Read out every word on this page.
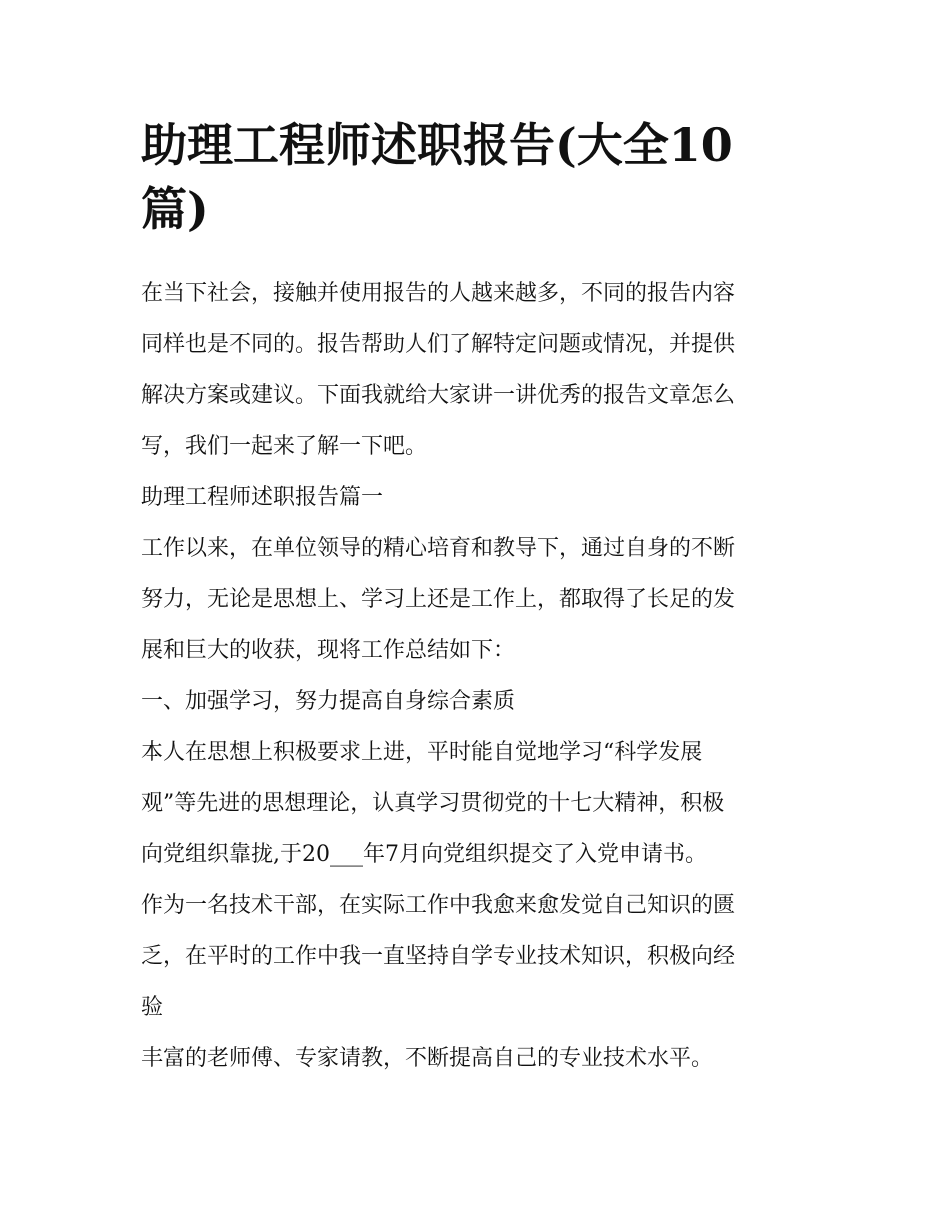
助理工程师述职报告(大全10
篇)
在当下社会，接触并使用报告的人越来越多，不同的报告内容
同样也是不同的。报告帮助人们了解特定问题或情况，并提供
解决方案或建议。下面我就给大家讲一讲优秀的报告文章怎么
写，我们一起来了解一下吧。
助理工程师述职报告篇一
工作以来，在单位领导的精心培育和教导下，通过自身的不断
努力，无论是思想上、学习上还是工作上，都取得了长足的发
展和巨大的收获，现将工作总结如下：
一、加强学习，努力提高自身综合素质
本人在思想上积极要求上进，平时能自觉地学习“科学发展
观”等先进的思想理论，认真学习贯彻党的十七大精神，积极
向党组织靠拢,于20___年7月向党组织提交了入党申请书。
作为一名技术干部，在实际工作中我愈来愈发觉自己知识的匮
乏，在平时的工作中我一直坚持自学专业技术知识，积极向经
验
丰富的老师傅、专家请教，不断提高自己的专业技术水平。
